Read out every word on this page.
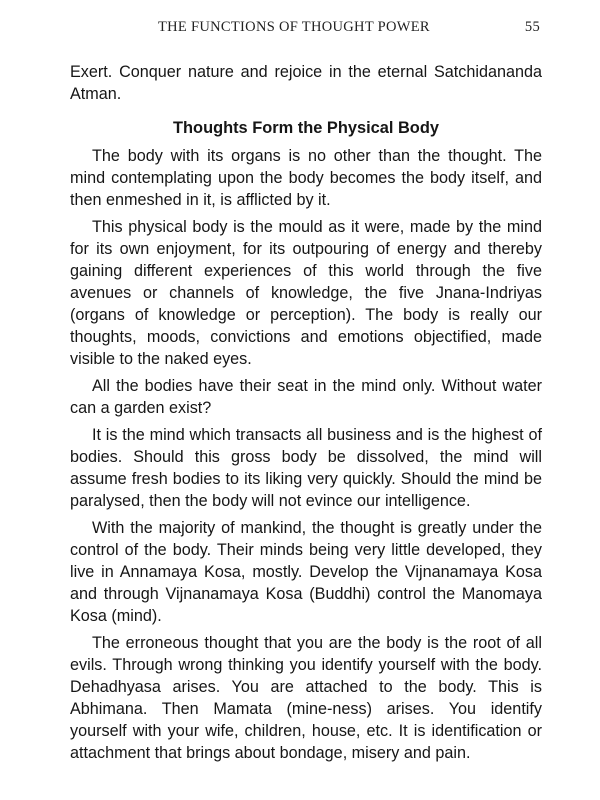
THE FUNCTIONS OF THOUGHT POWER	55

Exert. Conquer nature and rejoice in the eternal Satchidananda Atman.

Thoughts Form the Physical Body

The body with its organs is no other than the thought. The mind contemplating upon the body becomes the body itself, and then enmeshed in it, is afflicted by it.

This physical body is the mould as it were, made by the mind for its own enjoyment, for its outpouring of energy and thereby gaining different experiences of this world through the five avenues or channels of knowledge, the five Jnana-Indriyas (organs of knowledge or perception). The body is really our thoughts, moods, convictions and emotions objectified, made visible to the naked eyes.

All the bodies have their seat in the mind only. Without water can a garden exist?

It is the mind which transacts all business and is the highest of bodies. Should this gross body be dissolved, the mind will assume fresh bodies to its liking very quickly. Should the mind be paralysed, then the body will not evince our intelligence.

With the majority of mankind, the thought is greatly under the control of the body. Their minds being very little developed, they live in Annamaya Kosa, mostly. Develop the Vijnanamaya Kosa and through Vijnanamaya Kosa (Buddhi) control the Manomaya Kosa (mind).

The erroneous thought that you are the body is the root of all evils. Through wrong thinking you identify yourself with the body. Dehadhyasa arises. You are attached to the body. This is Abhimana. Then Mamata (mine-ness) arises. You identify yourself with your wife, children, house, etc. It is identification or attachment that brings about bondage, misery and pain.
